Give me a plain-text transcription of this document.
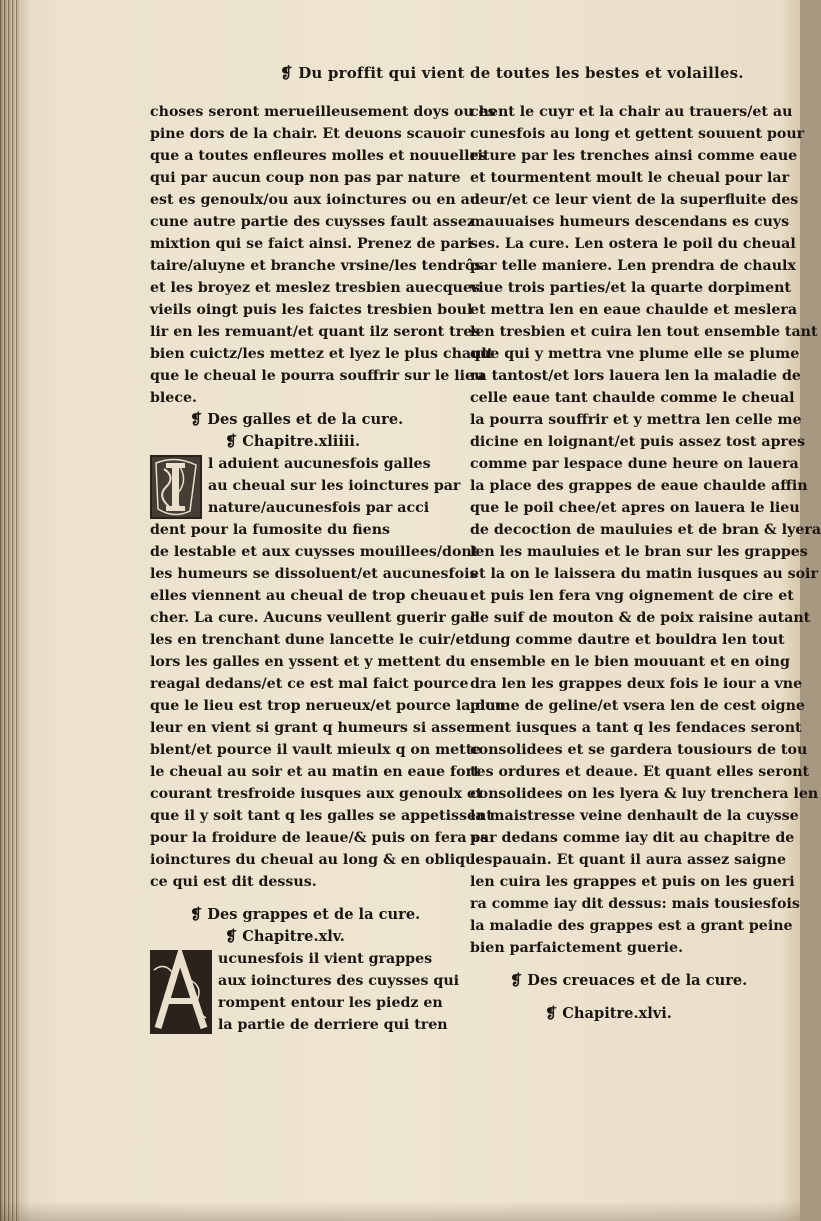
❡ Du proffit qui vient de toutes les bestes et volailles.
choses seront merueilleusement doys ou es
pine dors de la chair. Et deuons scauoir
que a toutes enfleures molles et nouuelles
qui par aucun coup non pas par nature
est es genoulx/ou aux ioinctures ou en au
cune autre partie des cuysses fault assez
mixtion qui se faict ainsi. Prenez de pari
taire/aluyne et branche vrsine/les tendrôs
et les broyez et meslez tresbien auecques
vieils oingt puis les faictes tresbien boul
lir en les remuant/et quant ilz seront tres
bien cuictz/les mettez et lyez le plus chault
que le cheual le pourra souffrir sur le lieu
blece.
❡ Des galles et de la cure.
❡ Chapitre.xliiii.
l aduient aucunesfois galles
au cheual sur les ioinctures par
nature/aucunesfois par acci
dent pour la fumosite du fiens
de lestable et aux cuysses mouillees/dont
les humeurs se dissoluent/et aucunesfois
elles viennent au cheual de trop cheuau
cher. La cure. Aucuns veullent guerir gal
les en trenchant dune lancette le cuir/et
lors les galles en yssent et y mettent du
reagal dedans/et ce est mal faict pource
que le lieu est trop nerueux/et pource la dou
leur en vient si grant q humeurs si assem
blent/et pource il vault mieulx q on mette
le cheual au soir et au matin en eaue fort
courant tresfroide iusques aux genoulx et
que il y soit tant q les galles se appetissent
pour la froidure de leaue/& puis on fera es
ioinctures du cheual au long & en oblique
ce qui est dit dessus.
❡ Des grappes et de la cure.
❡ Chapitre.xlv.
ucunesfois il vient grappes
aux ioinctures des cuysses qui
rompent entour les piedz en
la partie de derriere qui tren
chent le cuyr et la chair au trauers/et au
cunesfois au long et gettent souuent pour
riture par les trenches ainsi comme eaue
et tourmentent moult le cheual pour lar
deur/et ce leur vient de la superfluite des
mauuaises humeurs descendans es cuys
ses. La cure. Len ostera le poil du cheual
par telle maniere. Len prendra de chaulx
viue trois parties/et la quarte dorpiment
et mettra len en eaue chaulde et meslera
len tresbien et cuira len tout ensemble tant
que qui y mettra vne plume elle se plume
ra tantost/et lors lauera len la maladie de
celle eaue tant chaulde comme le cheual
la pourra souffrir et y mettra len celle me
dicine en loignant/et puis assez tost apres
comme par lespace dune heure on lauera
la place des grappes de eaue chaulde affin
que le poil chee/et apres on lauera le lieu
de decoction de mauluies et de bran & lyera
len les mauluies et le bran sur les grappes
et la on le laissera du matin iusques au soir
et puis len fera vng oignement de cire et
de suif de mouton & de poix raisine autant
dung comme dautre et bouldra len tout
ensemble en le bien mouuant et en oing
dra len les grappes deux fois le iour a vne
plume de geline/et vsera len de cest oigne
ment iusques a tant q les fendaces seront
consolidees et se gardera tousiours de tou
tes ordures et deaue. Et quant elles seront
consolidees on les lyera & luy trenchera len
la maistresse veine denhault de la cuysse
par dedans comme iay dit au chapitre de
lespauain. Et quant il aura assez saigne
len cuira les grappes et puis on les gueri
ra comme iay dit dessus: mais tousiesfois
la maladie des grappes est a grant peine
bien parfaictement guerie.
❡ Des creuaces et de la cure.
❡ Chapitre.xlvi.
